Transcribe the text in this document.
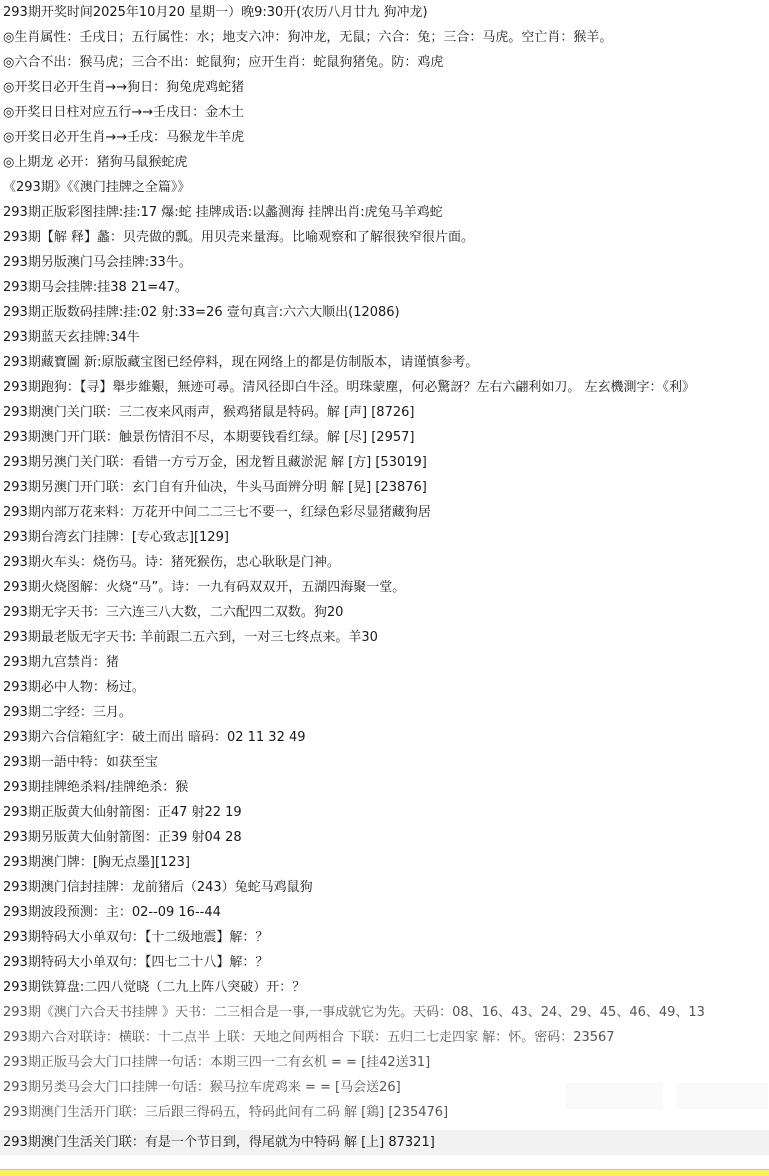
293期开奖时间2025年10月20 星期一）晚9:30开(农历八月廿九 狗冲龙)
◎生肖属性：壬戌日；五行属性：水；地支六冲：狗冲龙，无鼠；六合：兔；三合：马虎。空亡肖：猴羊。
◎六合不出：猴马虎；三合不出：蛇鼠狗；应开生肖：蛇鼠狗猪兔。防：鸡虎
◎开奖日必开生肖→→狗日：狗兔虎鸡蛇猪
◎开奖日日柱对应五行→→壬戌日：金木土
◎开奖日必开生肖→→壬戌：马猴龙牛羊虎
◎上期龙 必开：猪狗马鼠猴蛇虎
《293期》《《澳门挂牌之全篇》》
293期正版彩图挂牌:挂:17 爆:蛇 挂牌成语:以蠡测海 挂牌出肖:虎兔马羊鸡蛇
293期【解 释】蠡：贝壳做的瓢。用贝壳来量海。比喻观察和了解很狭窄很片面。
293期另版澳门马会挂牌:33牛。
293期马会挂牌:挂38 21=47。
293期正版数码挂牌:挂:02 射:33=26 壹句真言:六六大顺出(12086)
293期蓝天玄挂牌:34牛
293期藏寶圖 新:原版藏宝图已经停料，现在网络上的都是仿制版本，请谨慎参考。
293期跑狗：【寻】舉步維艱，無迹可尋。清风径即白牛泾。明珠蒙塵，何必驚訝？左右六翩利如刀。 左玄機測字：《利》
293期澳门关门联：三二夜来风雨声，猴鸡猪鼠是特码。解 [声] [8726]
293期澳门开门联：触景伤情泪不尽，本期要钱看红绿。解 [尽] [2957]
293期另澳门关门联：看错一方亏万金，困龙暂且藏淤泥 解 [方] [53019]
293期另澳门开门联：玄门自有升仙决，牛头马面辨分明 解 [晃] [23876]
293期内部万花来料：万花开中间二二三七不要一，红绿色彩尽显猪藏狗居
293期台湾玄门挂牌：[专心致志][129]
293期火车头：烧伤马。诗：猪死猴伤，忠心耿耿是门神。
293期火烧图解：火烧“马”。诗：一九有码双双开，五湖四海聚一堂。
293期无字天书：三六连三八大数，二六配四二双数。狗20
293期最老版无字天书: 羊前跟二五六到，一对三七终点来。羊30
293期九宫禁肖：猪
293期必中人物：杨过。
293期二字经：三月。
293期六合信箱紅字：破土而出 暗码：02 11 32 49
293期一語中特：如获至宝
293期挂牌绝杀料/挂牌绝杀：猴
293期正版黄大仙射箭图：正47 射22 19
293期另版黄大仙射箭图：正39 射04 28
293期澳门牌：[胸无点墨][123]
293期澳门信封挂牌：龙前猪后（243）兔蛇马鸡鼠狗
293期波段预测：主：02--09 16--44
293期特码大小单双句：【十二级地震】解：？
293期特码大小单双句：【四七二十八】解：？
293期铁算盘:二四八觉晓（二九上阵八突破）开：？
293期《澳门六合天书挂牌 》天书：二三相合是一事,一事成就它为先。天码：08、16、43、24、29、45、46、49、13
293期六合对联诗：横联：十二点半 上联：天地之间两相合 下联：五归二七走四家 解：怀。密码：23567
293期正版马会大门口挂牌一句话：本期三四一二有玄机 = = [挂42送31]
293期另类马会大门口挂牌一句话：猴马拉车虎鸡来 = = [马会送26]
293期澳门生活开门联：三后跟三得码五，特码此间有二码 解 [鶏] [235476]
293期澳门生活关门联：有是一个节日到，得尾就为中特码 解 [上] 87321]
